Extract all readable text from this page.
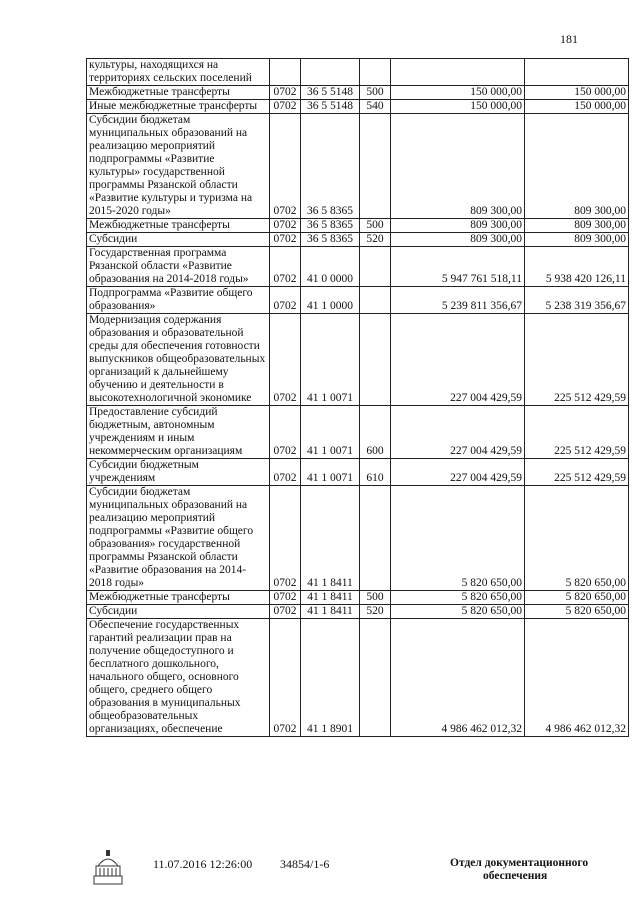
181
культуры, находящихся на территориях сельских поселений					
Межбюджетные трансферты	0702	36 5 5148	500	150 000,00	150 000,00
Иные межбюджетные трансферты	0702	36 5 5148	540	150 000,00	150 000,00
Субсидии бюджетам муниципальных образований на реализацию мероприятий подпрограммы «Развитие культуры» государственной программы Рязанской области «Развитие культуры и туризма на 2015-2020 годы»	0702	36 5 8365		809 300,00	809 300,00
Межбюджетные трансферты	0702	36 5 8365	500	809 300,00	809 300,00
Субсидии	0702	36 5 8365	520	809 300,00	809 300,00
Государственная программа Рязанской области «Развитие образования на 2014-2018 годы»	0702	41 0 0000		5 947 761 518,11	5 938 420 126,11
Подпрограмма «Развитие общего образования»	0702	41 1 0000		5 239 811 356,67	5 238 319 356,67
Модернизация содержания образования и образовательной среды для обеспечения готовности выпускников общеобразовательных организаций к дальнейшему обучению и деятельности в высокотехнологичной экономике	0702	41 1 0071		227 004 429,59	225 512 429,59
Предоставление субсидий бюджетным, автономным учреждениям и иным некоммерческим организациям	0702	41 1 0071	600	227 004 429,59	225 512 429,59
Субсидии бюджетным учреждениям	0702	41 1 0071	610	227 004 429,59	225 512 429,59
Субсидии бюджетам муниципальных образований на реализацию мероприятий подпрограммы «Развитие общего образования» государственной программы Рязанской области «Развитие образования на 2014-2018 годы»	0702	41 1 8411		5 820 650,00	5 820 650,00
Межбюджетные трансферты	0702	41 1 8411	500	5 820 650,00	5 820 650,00
Субсидии	0702	41 1 8411	520	5 820 650,00	5 820 650,00
Обеспечение государственных гарантий реализации прав на получение общедоступного и бесплатного дошкольного, начального общего, основного общего, среднего общего образования в муниципальных общеобразовательных организациях, обеспечение	0702	41 1 8901		4 986 462 012,32	4 986 462 012,32
11.07.2016 12:26:00 34854/1-6	Отдел документационного
обеспечения
